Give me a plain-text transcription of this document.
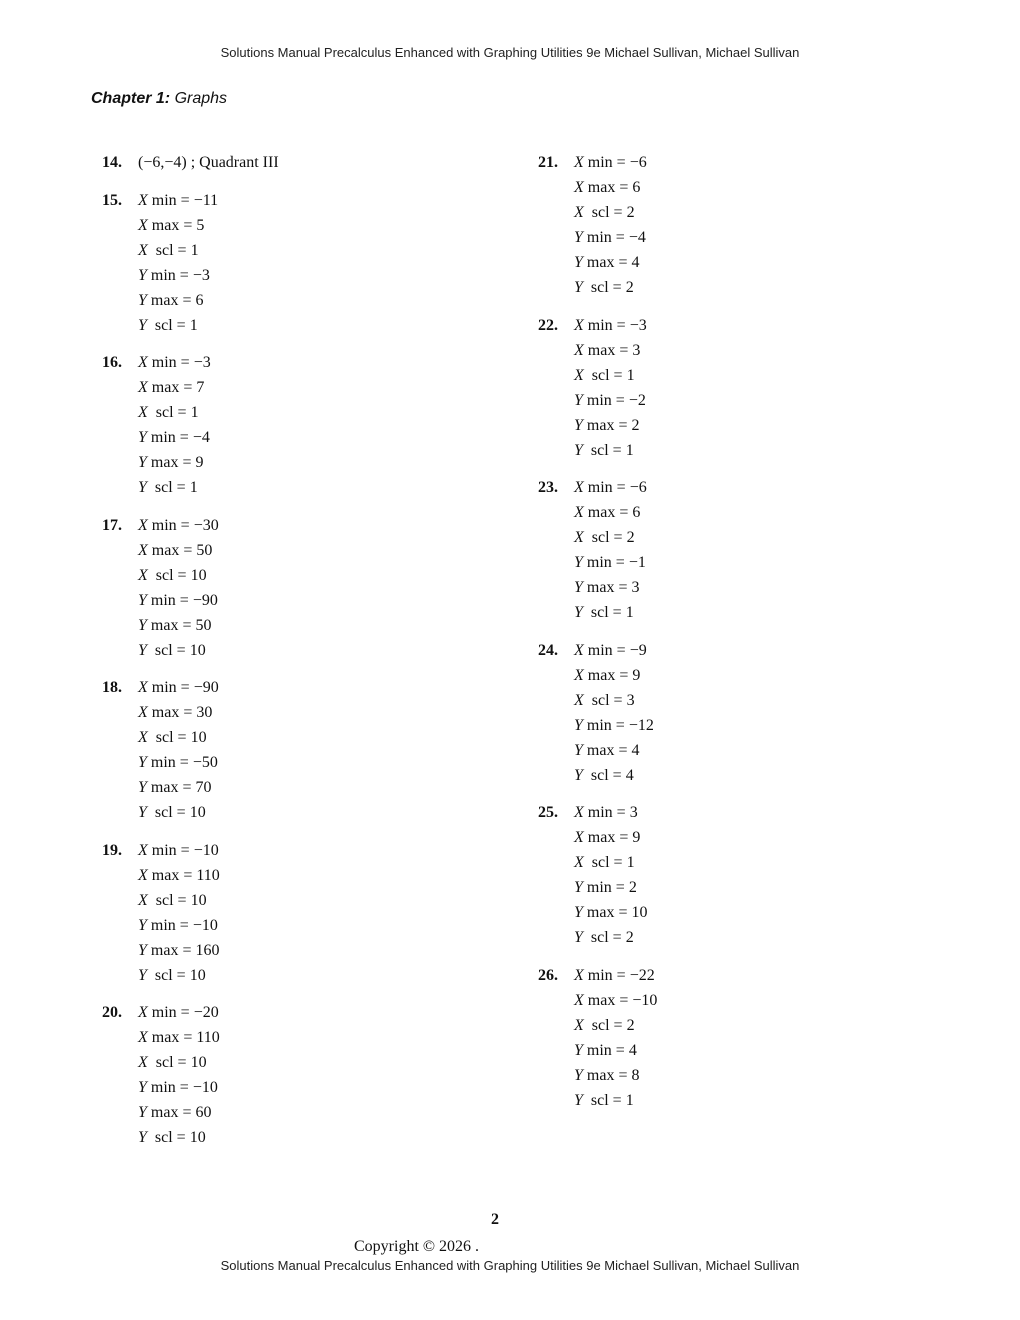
Solutions Manual Precalculus Enhanced with Graphing Utilities 9e Michael Sullivan, Michael Sullivan
Chapter 1: Graphs
14. (−6,−4) ; Quadrant III
15. X min = −11
X max = 5
X  scl = 1
Y min = −3
Y max = 6
Y  scl = 1
16. X min = −3
X max = 7
X  scl = 1
Y min = −4
Y max = 9
Y  scl = 1
17. X min = −30
X max = 50
X  scl = 10
Y min = −90
Y max = 50
Y  scl = 10
18. X min = −90
X max = 30
X  scl = 10
Y min = −50
Y max = 70
Y  scl = 10
19. X min = −10
X max = 110
X  scl = 10
Y min = −10
Y max = 160
Y  scl = 10
20. X min = −20
X max = 110
X  scl = 10
Y min = −10
Y max = 60
Y  scl = 10
21. X min = −6
X max = 6
X  scl = 2
Y min = −4
Y max = 4
Y  scl = 2
22. X min = −3
X max = 3
X  scl = 1
Y min = −2
Y max = 2
Y  scl = 1
23. X min = −6
X max = 6
X  scl = 2
Y min = −1
Y max = 3
Y  scl = 1
24. X min = −9
X max = 9
X  scl = 3
Y min = −12
Y max = 4
Y  scl = 4
25. X min = 3
X max = 9
X  scl = 1
Y min = 2
Y max = 10
Y  scl = 2
26. X min = −22
X max = −10
X  scl = 2
Y min = 4
Y max = 8
Y  scl = 1
2
Copyright © 2026 .
Solutions Manual Precalculus Enhanced with Graphing Utilities 9e Michael Sullivan, Michael Sullivan
